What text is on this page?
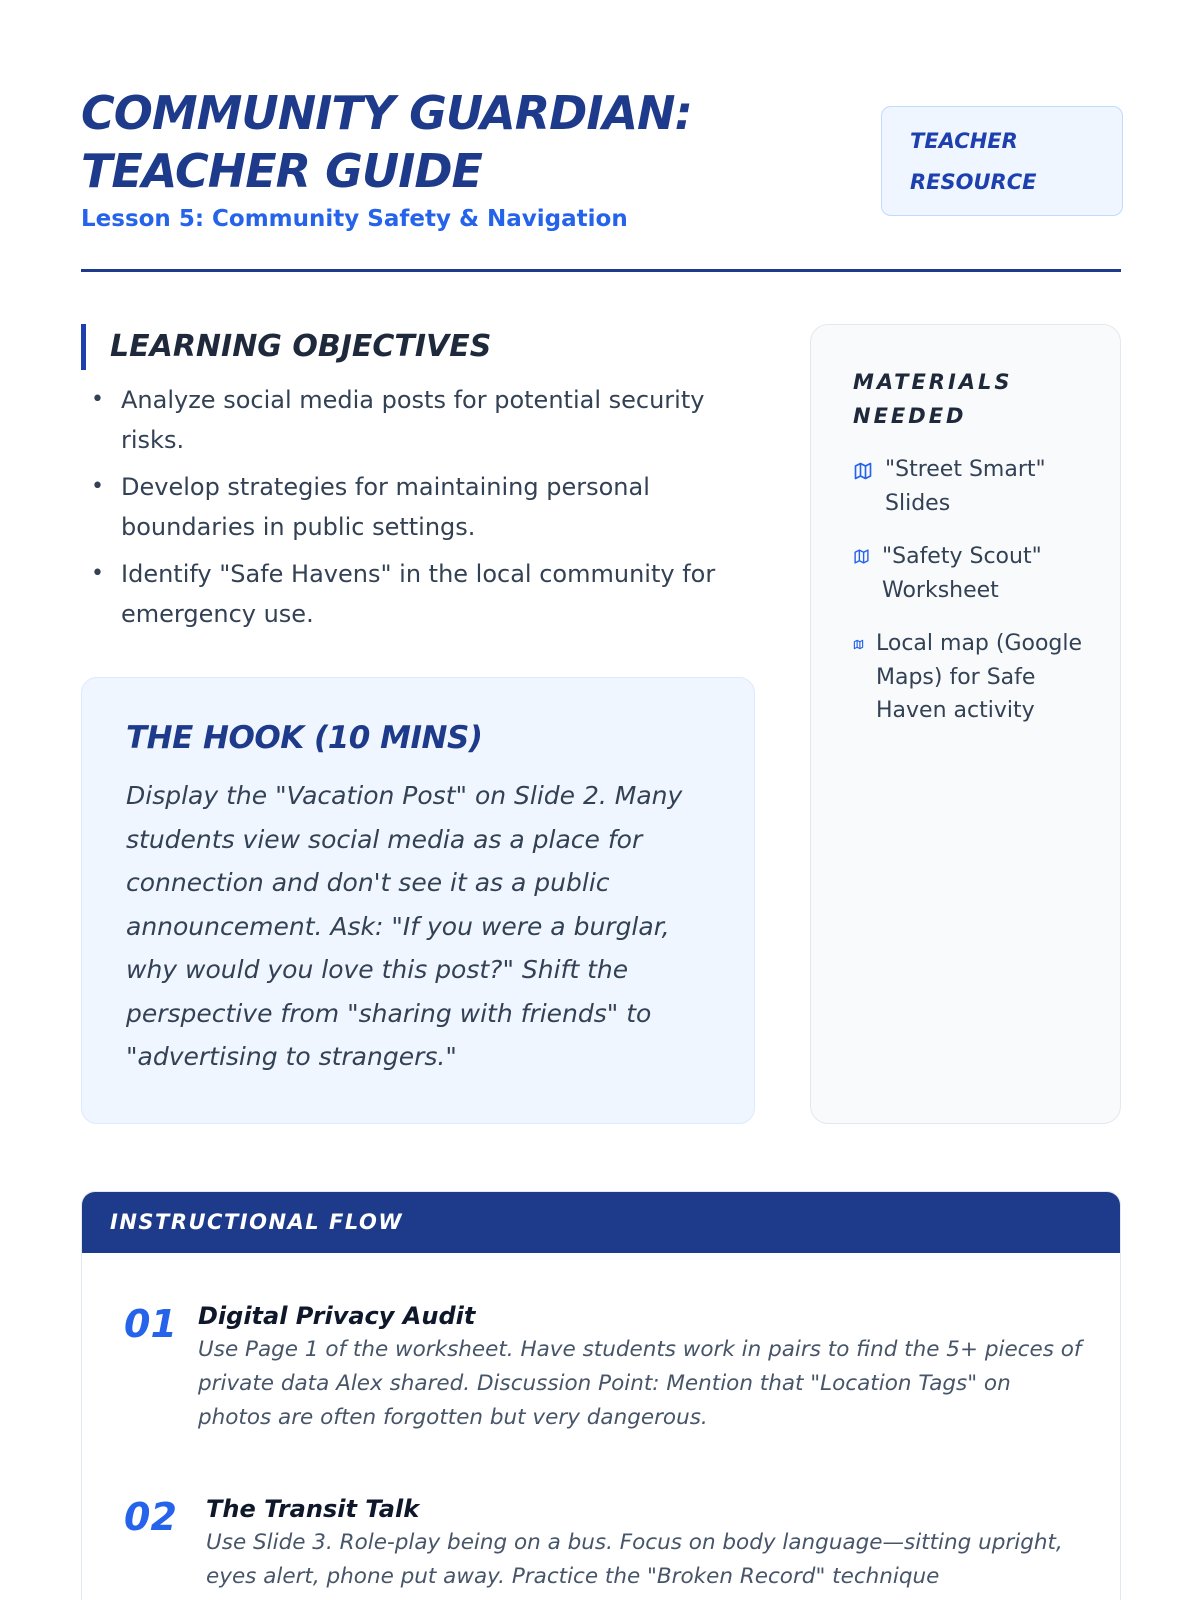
COMMUNITY GUARDIAN:
TEACHER GUIDE
Lesson 5: Community Safety & Navigation
TEACHER
RESOURCE
LEARNING OBJECTIVES
• Analyze social media posts for potential security risks.
• Develop strategies for maintaining personal boundaries in public settings.
• Identify "Safe Havens" in the local community for emergency use.
THE HOOK (10 MINS)
Display the "Vacation Post" on Slide 2. Many students view social media as a place for connection and don't see it as a public announcement. Ask: "If you were a burglar, why would you love this post?" Shift the perspective from "sharing with friends" to "advertising to strangers."
MATERIALS
NEEDED
"Street Smart" Slides
"Safety Scout" Worksheet
Local map (Google Maps) for Safe Haven activity
INSTRUCTIONAL FLOW
01 Digital Privacy Audit
Use Page 1 of the worksheet. Have students work in pairs to find the 5+ pieces of private data Alex shared. Discussion Point: Mention that "Location Tags" on photos are often forgotten but very dangerous.
02 The Transit Talk
Use Slide 3. Role-play being on a bus. Focus on body language—sitting upright, eyes alert, phone put away. Practice the "Broken Record" technique
